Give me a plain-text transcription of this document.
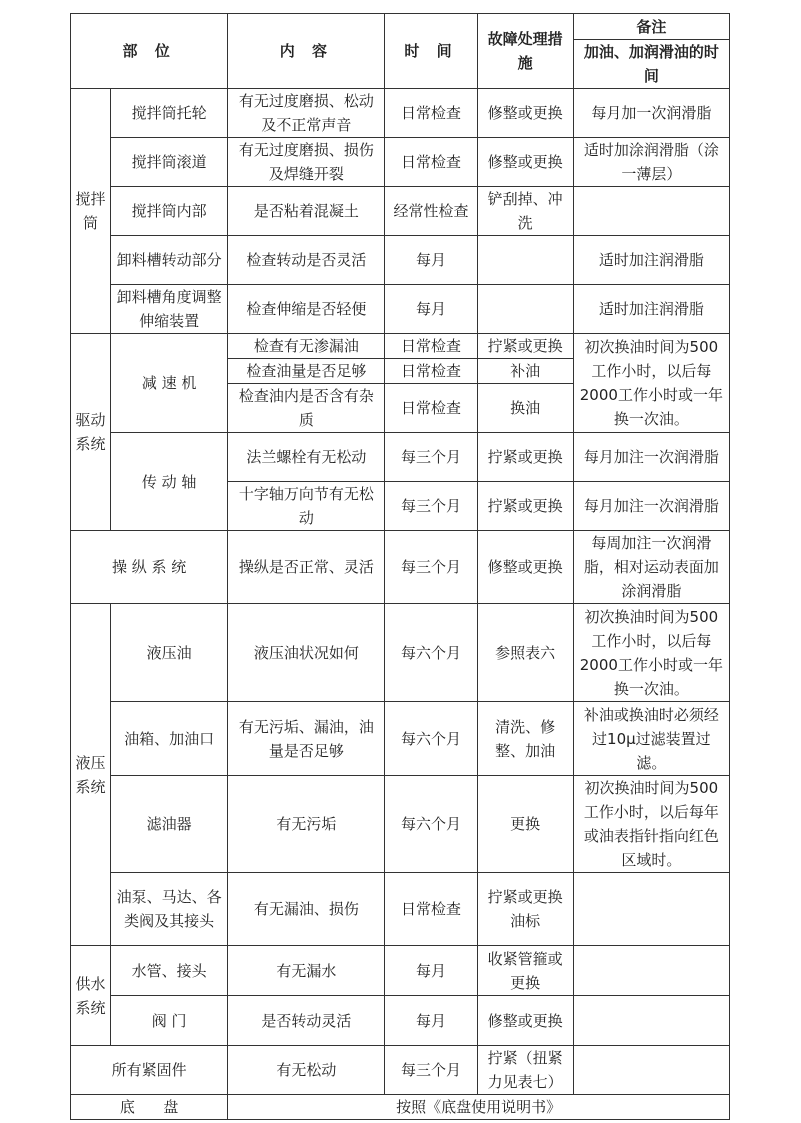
部 位		内 容	时 间	故障处理措施	备注
					加油、加润滑油的时间
搅拌筒	搅拌筒托轮	有无过度磨损、松动及不正常声音	日常检查	修整或更换	每月加一次润滑脂
	搅拌筒滚道	有无过度磨损、损伤及焊缝开裂	日常检查	修整或更换	适时加涂润滑脂（涂一薄层）
	搅拌筒内部	是否粘着混凝土	经常性检查	铲刮掉、冲洗	
	卸料槽转动部分	检查转动是否灵活	每月		适时加注润滑脂
	卸料槽角度调整伸缩装置	检查伸缩是否轻便	每月		适时加注润滑脂
驱动系统	减 速 机	检查有无渗漏油	日常检查	拧紧或更换	初次换油时间为500工作小时，以后每2000工作小时或一年换一次油。
		检查油量是否足够	日常检查	补油	
		检查油内是否含有杂质	日常检查	换油	
	传 动 轴	法兰螺栓有无松动	每三个月	拧紧或更换	每月加注一次润滑脂
		十字轴万向节有无松动	每三个月	拧紧或更换	每月加注一次润滑脂
操 纵 系 统		操纵是否正常、灵活	每三个月	修整或更换	每周加注一次润滑脂，相对运动表面加涂润滑脂
液压系统	液压油	液压油状况如何	每六个月	参照表六	初次换油时间为500工作小时，以后每2000工作小时或一年换一次油。
	油箱、加油口	有无污垢、漏油，油量是否足够	每六个月	清洗、修整、加油	补油或换油时必须经过10μ过滤装置过滤。
	滤油器	有无污垢	每六个月	更换	初次换油时间为500工作小时，以后每年或油表指针指向红色区域时。
	油泵、马达、各类阀及其接头	有无漏油、损伤	日常检查	拧紧或更换油标	
供水系统	水管、接头	有无漏水	每月	收紧管箍或更换	
	阀 门	是否转动灵活	每月	修整或更换	
所有紧固件		有无松动	每三个月	拧紧（扭紧力见表七）	
底      盘		按照《底盘使用说明书》			
